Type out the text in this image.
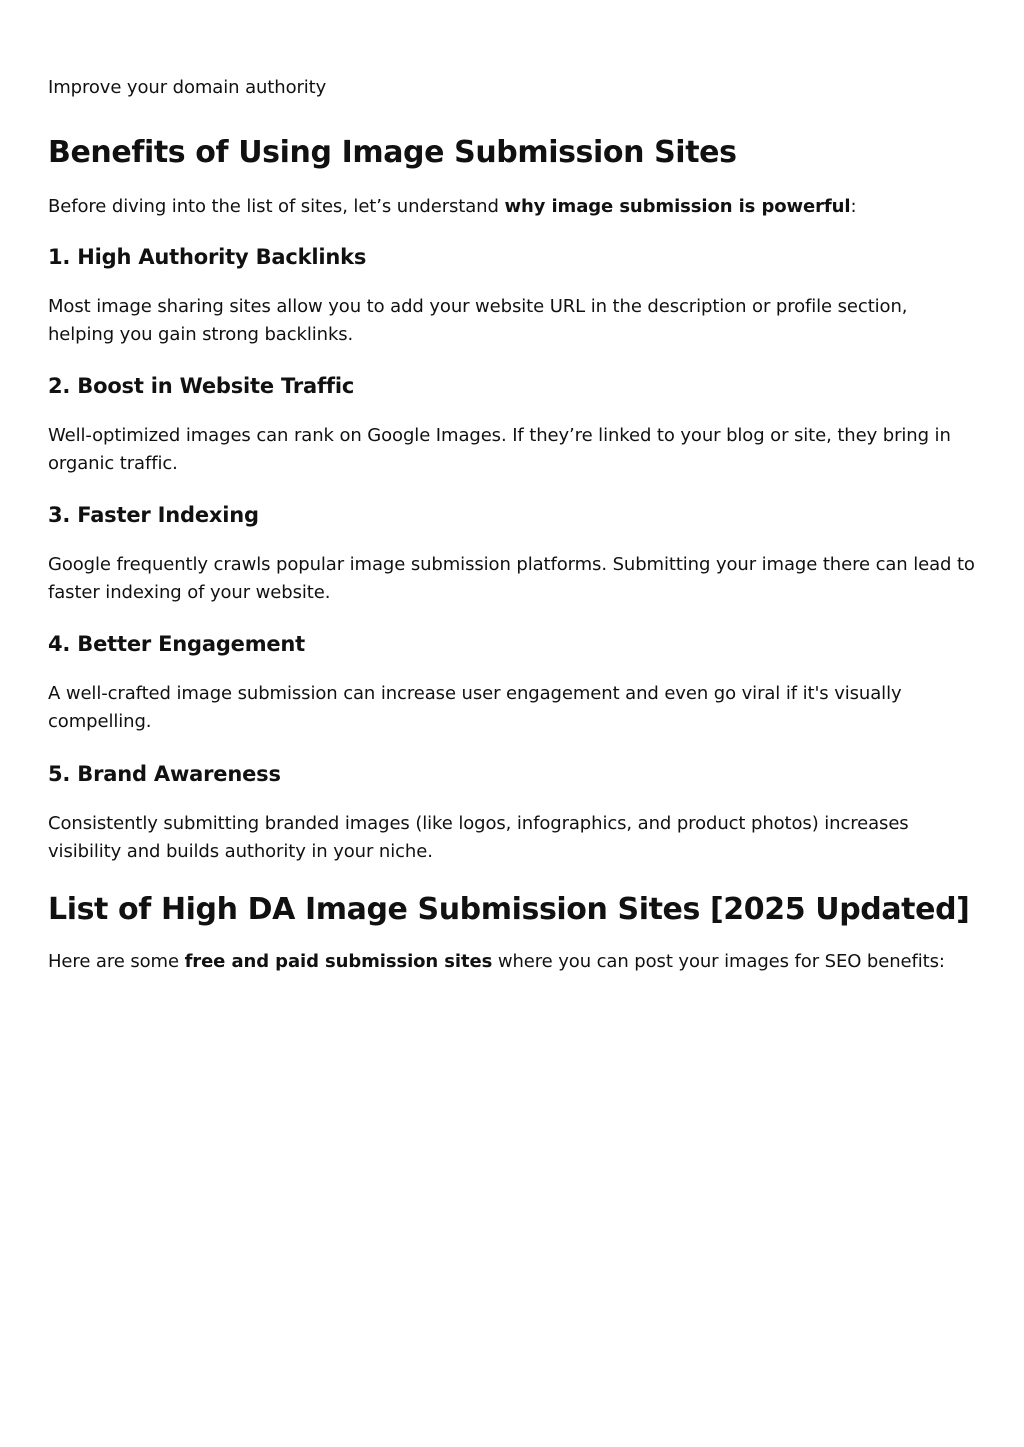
Improve your domain authority
Benefits of Using Image Submission Sites
Before diving into the list of sites, let’s understand why image submission is powerful:
1. High Authority Backlinks
Most image sharing sites allow you to add your website URL in the description or profile section, helping you gain strong backlinks.
2. Boost in Website Traffic
Well-optimized images can rank on Google Images. If they’re linked to your blog or site, they bring in organic traffic.
3. Faster Indexing
Google frequently crawls popular image submission platforms. Submitting your image there can lead to faster indexing of your website.
4. Better Engagement
A well-crafted image submission can increase user engagement and even go viral if it's visually compelling.
5. Brand Awareness
Consistently submitting branded images (like logos, infographics, and product photos) increases visibility and builds authority in your niche.
List of High DA Image Submission Sites [2025 Updated]
Here are some free and paid submission sites where you can post your images for SEO benefits:
